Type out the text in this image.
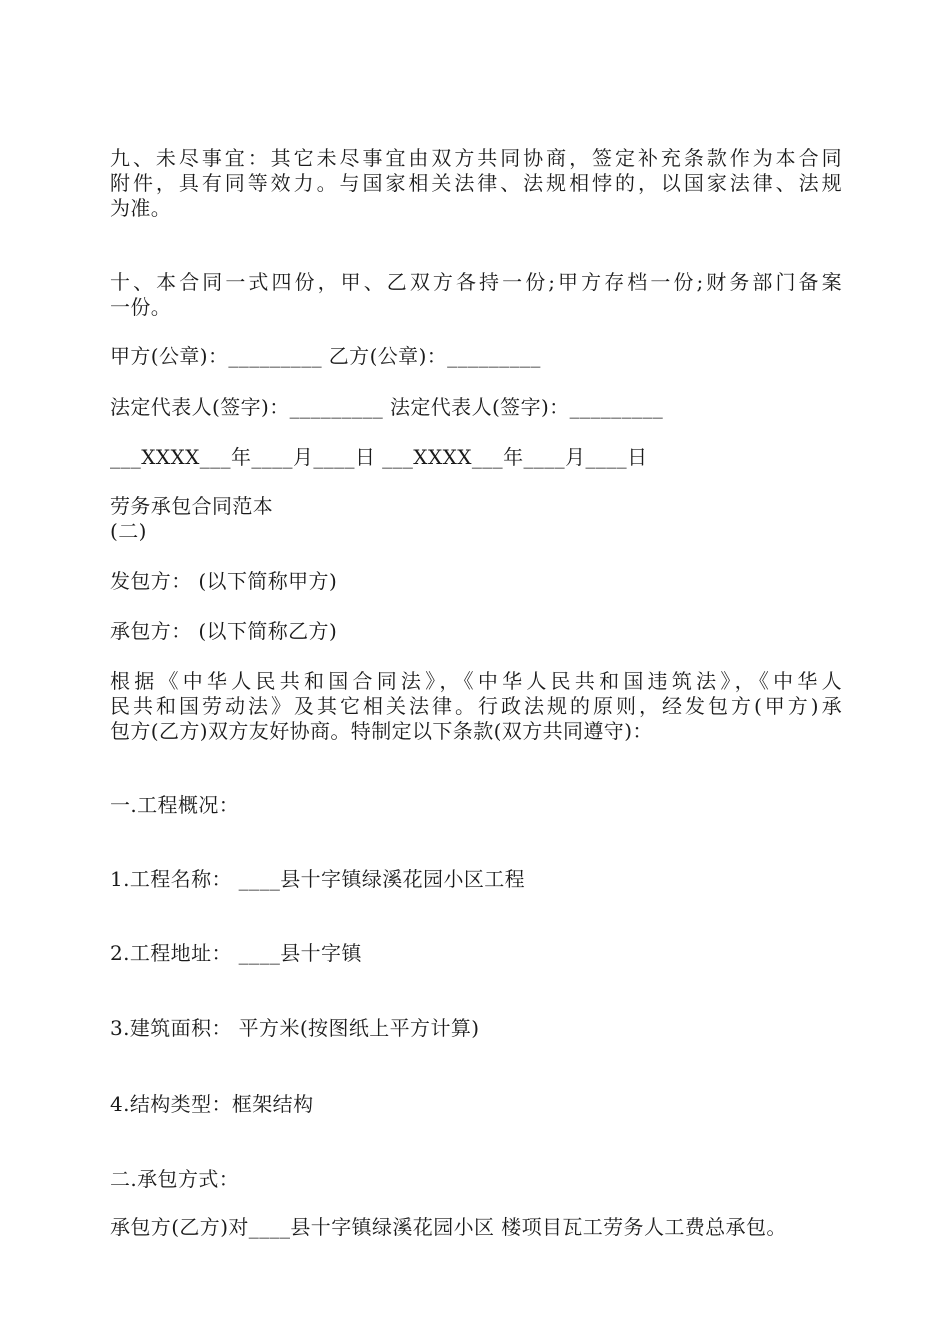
九、未尽事宜：其它未尽事宜由双方共同协商，签定补充条款作为本合同

附件，具有同等效力。与国家相关法律、法规相悖的，以国家法律、法规

为准。

十、本合同一式四份，甲、乙双方各持一份;甲方存档一份;财务部门备案

一份。

甲方(公章)：_________ 乙方(公章)：_________

法定代表人(签字)：_________ 法定代表人(签字)：_________

___XXXX___年____月____日 ___XXXX___年____月____日

劳务承包合同范本

(二)

发包方： (以下简称甲方)

承包方： (以下简称乙方)

根据《中华人民共和国合同法》，《中华人民共和国违筑法》，《中华人

民共和国劳动法》及其它相关法律。行政法规的原则，经发包方(甲方)承

包方(乙方)双方友好协商。特制定以下条款(双方共同遵守)：

一.工程概况：

1.工程名称： ____县十字镇绿溪花园小区工程

2.工程地址： ____县十字镇

3.建筑面积： 平方米(按图纸上平方计算)

4.结构类型：框架结构

二.承包方式：

承包方(乙方)对____县十字镇绿溪花园小区 楼项目瓦工劳务人工费总承包。
